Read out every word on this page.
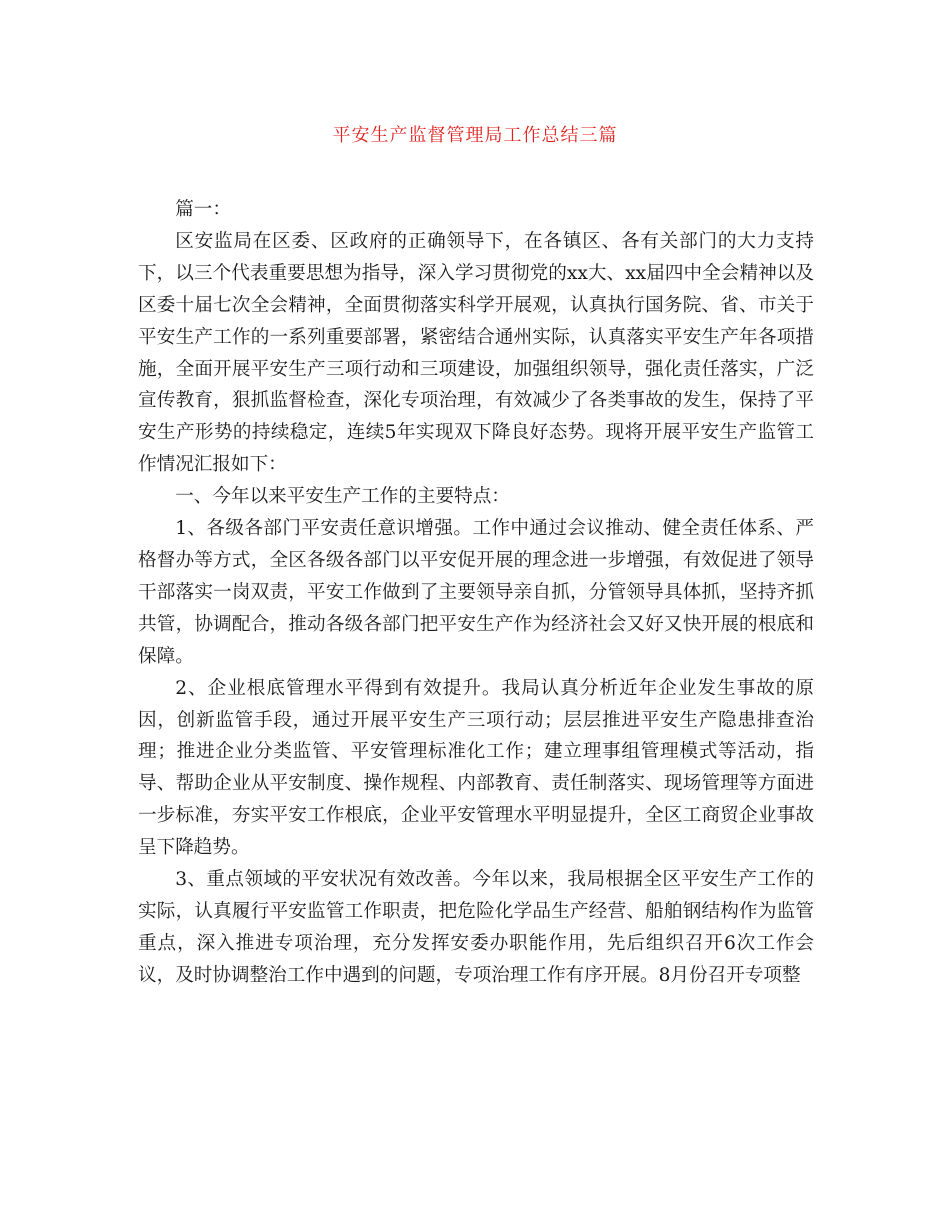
平安生产监督管理局工作总结三篇

篇一：

区安监局在区委、区政府的正确领导下，在各镇区、各有关部门的大力支持下，以三个代表重要思想为指导，深入学习贯彻党的xx大、xx届四中全会精神以及区委十届七次全会精神，全面贯彻落实科学开展观，认真执行国务院、省、市关于平安生产工作的一系列重要部署，紧密结合通州实际，认真落实平安生产年各项措施，全面开展平安生产三项行动和三项建设，加强组织领导，强化责任落实，广泛宣传教育，狠抓监督检查，深化专项治理，有效减少了各类事故的发生，保持了平安生产形势的持续稳定，连续5年实现双下降良好态势。现将开展平安生产监管工作情况汇报如下：

一、今年以来平安生产工作的主要特点：

1、各级各部门平安责任意识增强。工作中通过会议推动、健全责任体系、严格督办等方式，全区各级各部门以平安促开展的理念进一步增强，有效促进了领导干部落实一岗双责，平安工作做到了主要领导亲自抓，分管领导具体抓，坚持齐抓共管，协调配合，推动各级各部门把平安生产作为经济社会又好又快开展的根底和保障。

2、企业根底管理水平得到有效提升。我局认真分析近年企业发生事故的原因，创新监管手段，通过开展平安生产三项行动；层层推进平安生产隐患排查治理；推进企业分类监管、平安管理标准化工作；建立理事组管理模式等活动，指导、帮助企业从平安制度、操作规程、内部教育、责任制落实、现场管理等方面进一步标准，夯实平安工作根底，企业平安管理水平明显提升，全区工商贸企业事故呈下降趋势。

3、重点领域的平安状况有效改善。今年以来，我局根据全区平安生产工作的实际，认真履行平安监管工作职责，把危险化学品生产经营、船舶钢结构作为监管重点，深入推进专项治理，充分发挥安委办职能作用，先后组织召开6次工作会议，及时协调整治工作中遇到的问题，专项治理工作有序开展。8月份召开专项整
